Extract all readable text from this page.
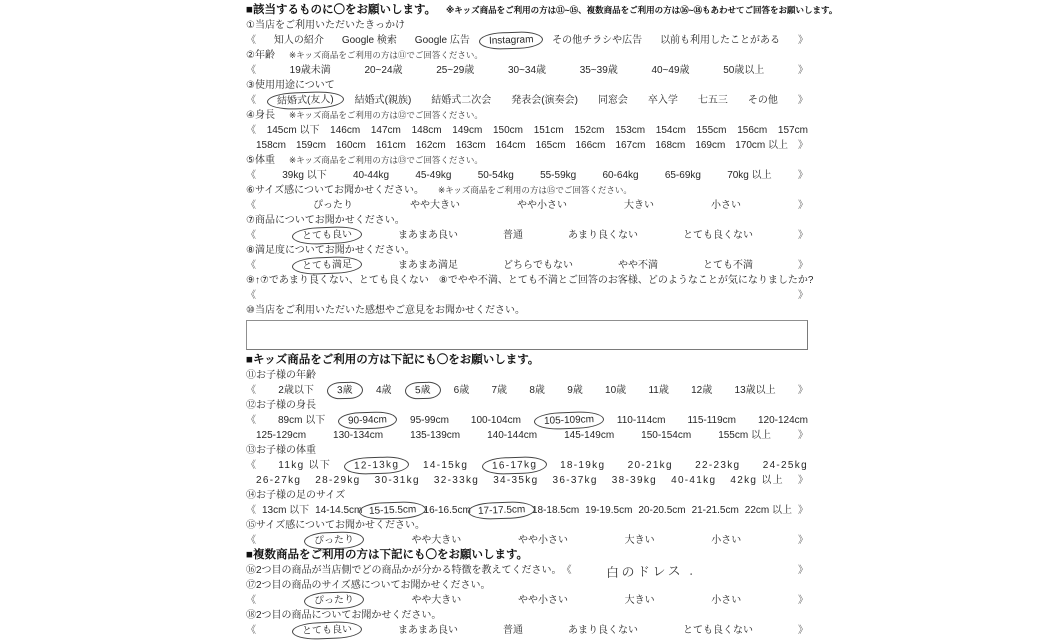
■該当するものに〇をお願いします。 ※キッズ商品をご利用の方は⑪~⑮、複数商品をご利用の方は⑯~⑱もあわせてご回答をお願いします。
①当店をご利用いただいたきっかけ
《 知人の紹介 Google 検索 Google 広告	Instagram	その他チラシや広告 以前も利用したことがある 》
②年齢 ※キッズ商品をご利用の方は⑪でご回答ください。
《	19歳未満	20~24歳	25~29歳	30~34歳	35~39歳	40~49歳	50歳以上	》
③使用用途について
《	結婚式(友人)	結婚式(親族) 結婚式二次会 発表会(演奏会) 同窓会 卒入学 七五三 その他 》
④身長 ※キッズ商品をご利用の方は⑫でご回答ください。
《 145cm 以下 146cm 147cm 148cm 149cm 150cm 151cm 152cm 153cm 154cm 155cm 156cm 157cm
158cm 159cm 160cm 161cm 162cm 163cm 164cm 165cm 166cm 167cm 168cm 169cm 170cm 以上 》
⑤体重 ※キッズ商品をご利用の方は⑬でご回答ください。
《	39kg 以下	40-44kg	45-49kg	50-54kg	55-59kg	60-64kg	65-69kg	70kg 以上	》
⑥サイズ感についてお聞かせください。 ※キッズ商品をご利用の方は⑮でご回答ください。
《	ぴったり	やや大きい	やや小さい	大きい	小さい	》
⑦商品についてお聞かせください。
《	とても良い	まあまあ良い	普通	あまり良くない	とても良くない	》
⑧満足度についてお聞かせください。
《	とても満足	まあまあ満足	どちらでもない	やや不満	とても不満	》
⑨↑⑦であまり良くない、とても良くない　⑧でやや不満、とても不満とご回答のお客様、どのようなことが気になりましたか?
《	》
⑩当店をご利用いただいた感想やご意見をお聞かせください。
■キッズ商品をご利用の方は下記にも〇をお願いします。
⑪お子様の年齢
《 2歳以下	3歳	4歳	5歳	6歳 7歳 8歳 9歳 10歳 11歳 12歳 13歳以上 》
⑫お子様の身長
《 89cm 以下	90-94cm	95-99cm 100-104cm	105-109cm	110-114cm 115-119cm 120-124cm
125-129cm	130-134cm	135-139cm	140-144cm	145-149cm	150-154cm	155cm 以上	》
⑬お子様の体重
《 11kg 以下	12-13kg	14-15kg	16-17kg	18-19kg 20-21kg 22-23kg 24-25kg
26-27kg 28-29kg 30-31kg 32-33kg 34-35kg 36-37kg 38-39kg 40-41kg 42kg 以上 》
⑭お子様の足のサイズ
《 13cm 以下 14-14.5cm 15-15.5cm 16-16.5cm 17-17.5cm 18-18.5cm 19-19.5cm 20-20.5cm 21-21.5cm 22cm 以上 》
⑮サイズ感についてお聞かせください。
《	ぴったり	やや大きい	やや小さい	大きい	小さい	》
■複数商品をご利用の方は下記にも〇をお願いします。
⑯2つ目の商品が当店側でどの商品かが分かる特徴を教えてください。 《	白のドレス .	》
⑰2つ目の商品のサイズ感についてお聞かせください。
《	ぴったり	やや大きい	やや小さい	大きい	小さい	》
⑱2つ目の商品についてお聞かせください。
《	とても良い	まあまあ良い	普通	あまり良くない	とても良くない	》
